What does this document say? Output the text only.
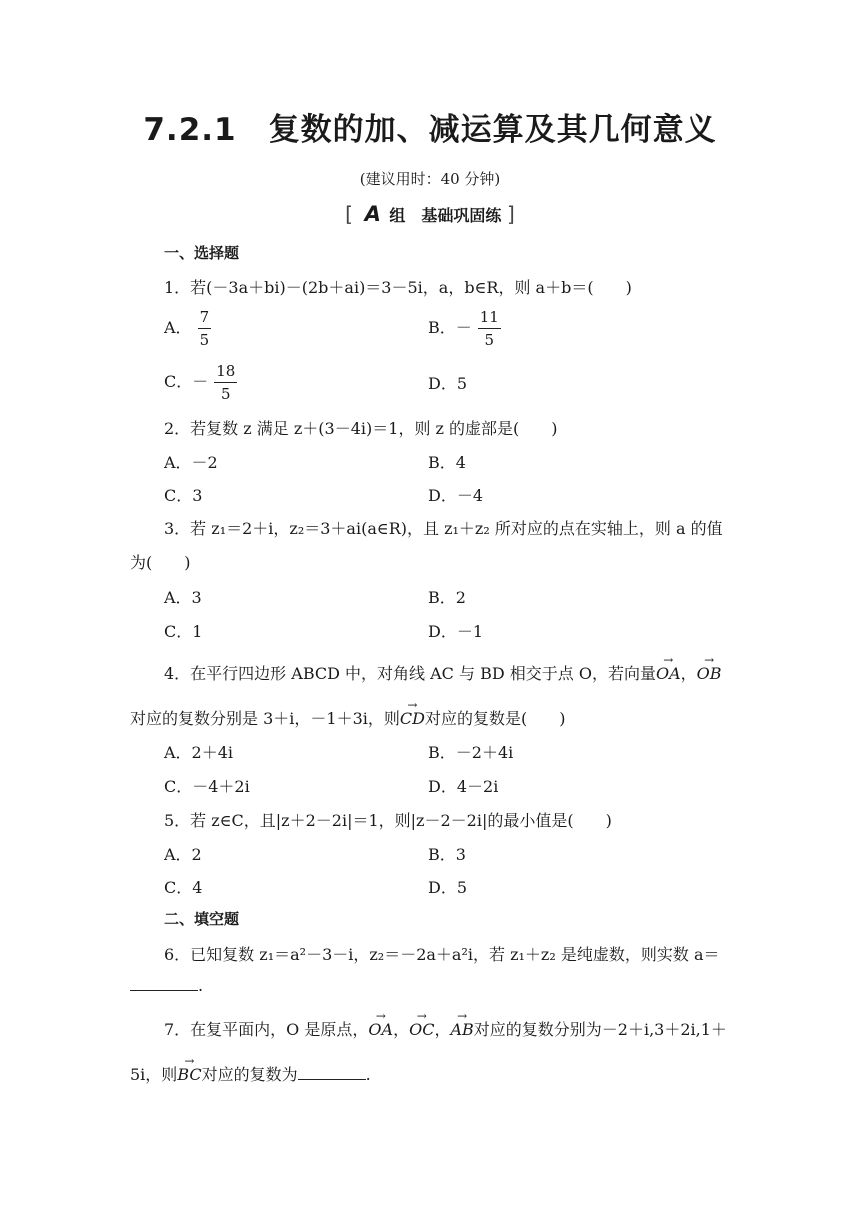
7.2.1　复数的加、减运算及其几何意义
(建议用时：40 分钟)
[ A 组　基础巩固练 ]
一、选择题
1．若(－3a＋bi)－(2b＋ai)＝3－5i，a，b∈R，则 a＋b＝(　　)
A． $\frac{7}{5}$	B．－ $\frac{11}{5}$
C．－ $\frac{18}{5}$	D．5
2．若复数 z 满足 z＋(3－4i)＝1，则 z 的虚部是(　　)
A．－2	B．4
C．3	D．－4
3．若 z₁＝2＋i，z₂＝3＋ai(a∈R)，且 z₁＋z₂ 所对应的点在实轴上，则 a 的值
为(　　)
A．3	B．2
C．1	D．－1
4．在平行四边形 ABCD 中，对角线 AC 与 BD 相交于点 O，若向量→ OA，→ OB
对应的复数分别是 3＋i，－1＋3i，则→ CD对应的复数是(　　)
A．2＋4i	B．－2＋4i
C．－4＋2i	D．4－2i
5．若 z∈C，且|z＋2－2i|＝1，则|z－2－2i|的最小值是(　　)
A．2	B．3
C．4	D．5
二、填空题
6．已知复数 z₁＝a²－3－i，z₂＝－2a＋a²i，若 z₁＋z₂ 是纯虚数，则实数 a＝
.
7．在复平面内，O 是原点，→ OA，→ OC，→ AB对应的复数分别为－2＋i,3＋2i,1＋
5i，则→ BC对应的复数为	.
